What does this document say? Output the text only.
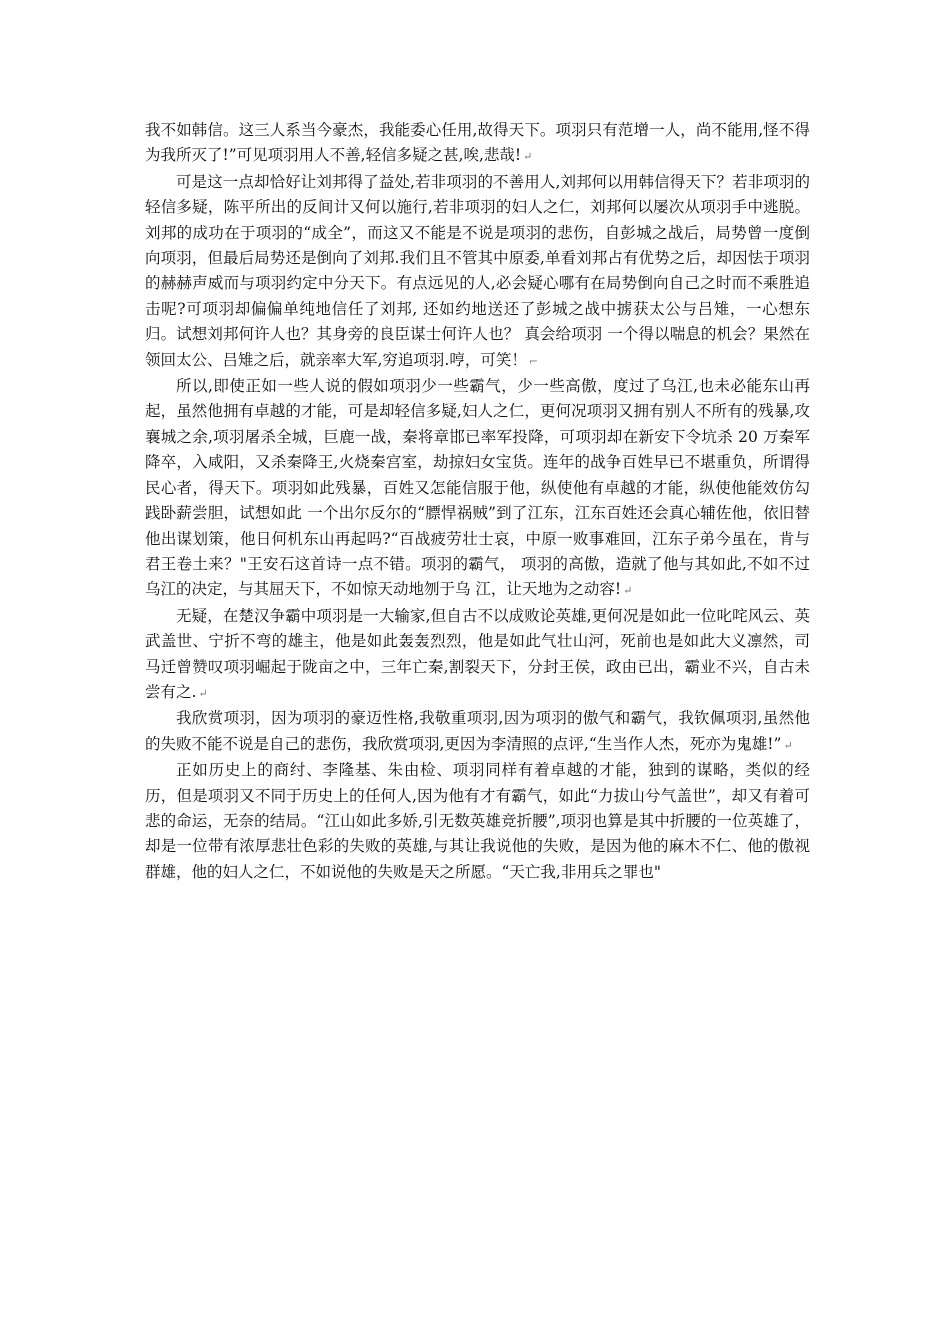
我不如韩信。这三人系当今豪杰，我能委心任用,故得天下。项羽只有范增一人，尚不能用,怪不得为我所灭了!”可见项羽用人不善,轻信多疑之甚,唉,悲哉! ↵

可是这一点却恰好让刘邦得了益处,若非项羽的不善用人,刘邦何以用韩信得天下？若非项羽的轻信多疑，陈平所出的反间计又何以施行,若非项羽的妇人之仁，刘邦何以屡次从项羽手中逃脱。刘邦的成功在于项羽的“成全”，而这又不能是不说是项羽的悲伤，自彭城之战后，局势曾一度倒向项羽，但最后局势还是倒向了刘邦.我们且不管其中原委,单看刘邦占有优势之后，却因怯于项羽的赫赫声威而与项羽约定中分天下。有点远见的人,必会疑心哪有在局势倒向自己之时而不乘胜追击呢?可项羽却偏偏单纯地信任了刘邦, 还如约地送还了彭城之战中掳获太公与吕雉，一心想东归。试想刘邦何许人也？其身旁的良臣谋士何许人也？ 真会给项羽 一个得以喘息的机会？果然在领回太公、吕雉之后，就亲率大军,穷追项羽.哼，可笑！ ⌐

所以,即使正如一些人说的假如项羽少一些霸气，少一些高傲，度过了乌江,也未必能东山再起，虽然他拥有卓越的才能，可是却轻信多疑,妇人之仁，更何况项羽又拥有别人不所有的残暴,攻襄城之余,项羽屠杀全城，巨鹿一战，秦将章邯已率军投降，可项羽却在新安下令坑杀 20 万秦军降卒，入咸阳，又杀秦降王,火烧秦宫室，劫掠妇女宝货。连年的战争百姓早已不堪重负，所谓得民心者，得天下。项羽如此残暴，百姓又怎能信服于他，纵使他有卓越的才能，纵使他能效仿勾践卧薪尝胆，试想如此 一个出尔反尔的“膘悍祸贼”到了江东，江东百姓还会真心辅佐他，依旧替他出谋划策，他日何机东山再起吗?“百战疲劳壮士哀，中原一败事难回，江东子弟今虽在，肯与君王卷土来？"王安石这首诗一点不错。项羽的霸气， 项羽的高傲，造就了他与其如此,不如不过乌江的决定，与其屈天下，不如惊天动地刎于乌 江，让天地为之动容! ↵

无疑，在楚汉争霸中项羽是一大输家,但自古不以成败论英雄,更何况是如此一位叱咤风云、英武盖世、宁折不弯的雄主，他是如此轰轰烈烈，他是如此气壮山河，死前也是如此大义凛然，司马迁曾赞叹项羽崛起于陇亩之中，三年亡秦,割裂天下，分封王侯，政由已出，霸业不兴，自古未尝有之. ↵

我欣赏项羽，因为项羽的豪迈性格,我敬重项羽,因为项羽的傲气和霸气，我钦佩项羽,虽然他的失败不能不说是自己的悲伤，我欣赏项羽,更因为李清照的点评,“生当作人杰，死亦为鬼雄!” ↵

正如历史上的商纣、李隆基、朱由检、项羽同样有着卓越的才能，独到的谋略，类似的经历，但是项羽又不同于历史上的任何人,因为他有才有霸气，如此“力拔山兮气盖世”，却又有着可悲的命运，无奈的结局。“江山如此多娇,引无数英雄竞折腰”,项羽也算是其中折腰的一位英雄了，却是一位带有浓厚悲壮色彩的失败的英雄,与其让我说他的失败，是因为他的麻木不仁、他的傲视群雄，他的妇人之仁，不如说他的失败是天之所愿。“天亡我,非用兵之罪也"
